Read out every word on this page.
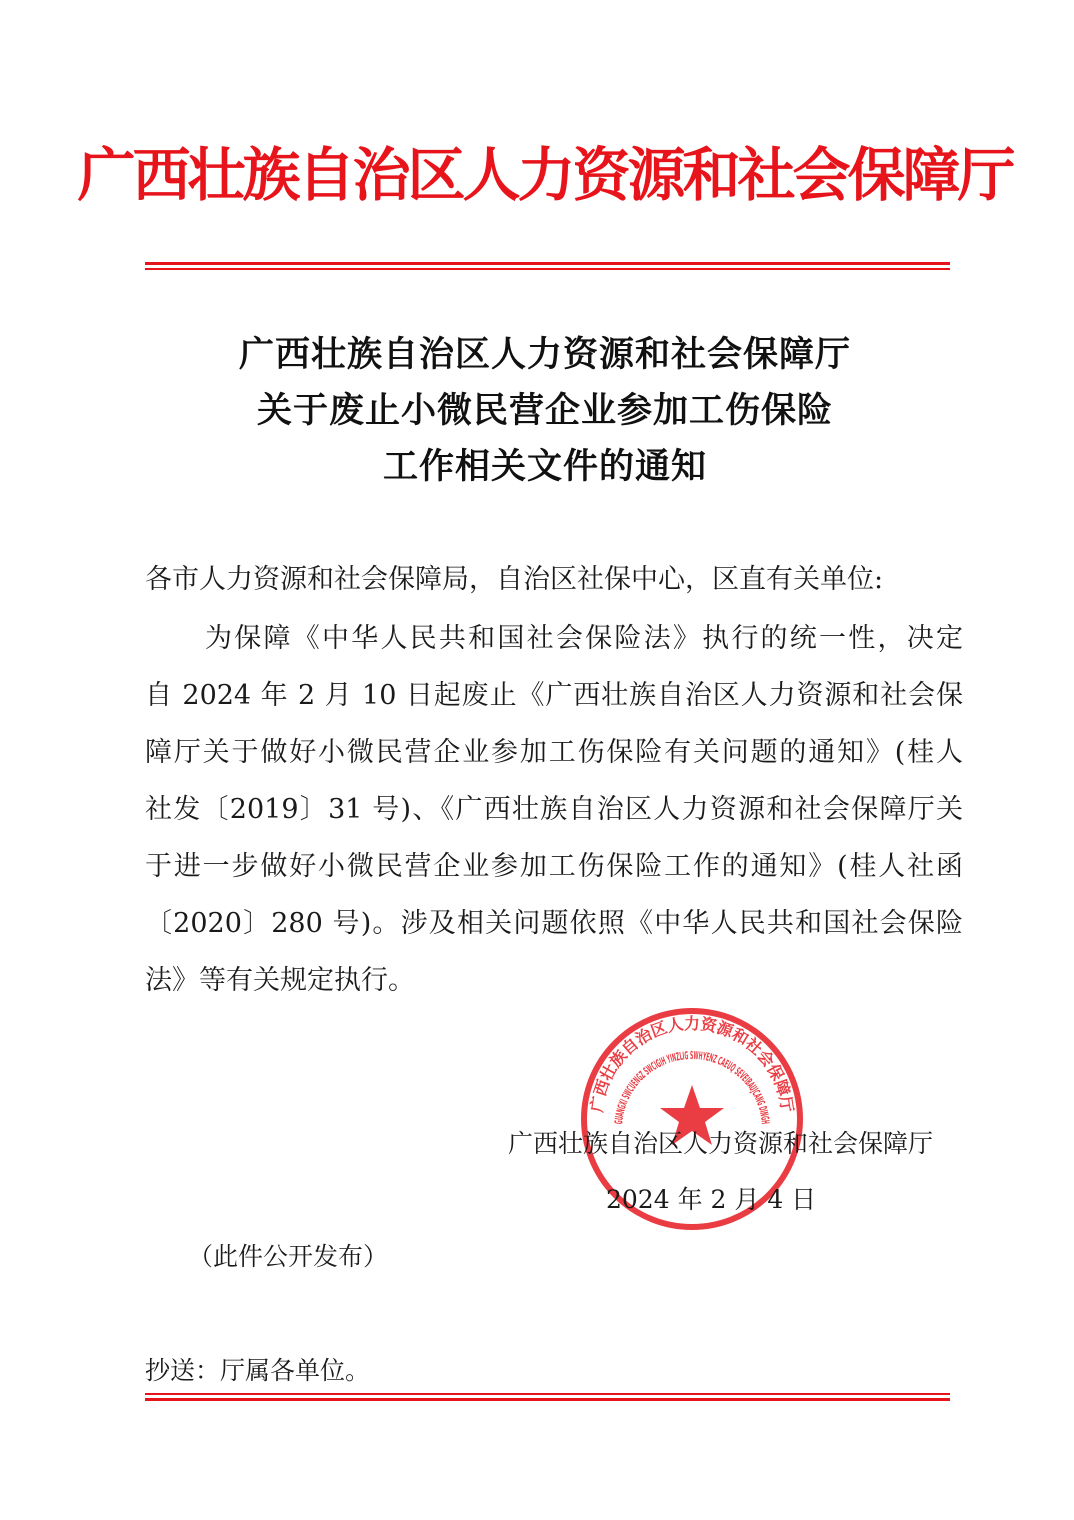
广西壮族自治区人力资源和社会保障厅
广西壮族自治区人力资源和社会保障厅
关于废止小微民营企业参加工伤保险
工作相关文件的通知
各市人力资源和社会保障局，自治区社保中心，区直有关单位:
为保障《中华人民共和国社会保险法》执行的统一性，决定
自 2024 年 2 月 10 日起废止《广西壮族自治区人力资源和社会保
障厅关于做好小微民营企业参加工伤保险有关问题的通知》(桂人
社发〔2019〕31 号)、《广西壮族自治区人力资源和社会保障厅关
于进一步做好小微民营企业参加工伤保险工作的通知》(桂人社函
〔2020〕280 号)。涉及相关问题依照《中华人民共和国社会保险
法》等有关规定执行。
广西壮族自治区人力资源和社会保障厅
GUANGXI SWCUENGZ SWCIGIH YINZLIG SWHYENZ CAEUQ SEVEIBAUJCANG DINGH
广西壮族自治区人力资源和社会保障厅
2024 年 2 月 4 日
（此件公开发布）
抄送：厅属各单位。
